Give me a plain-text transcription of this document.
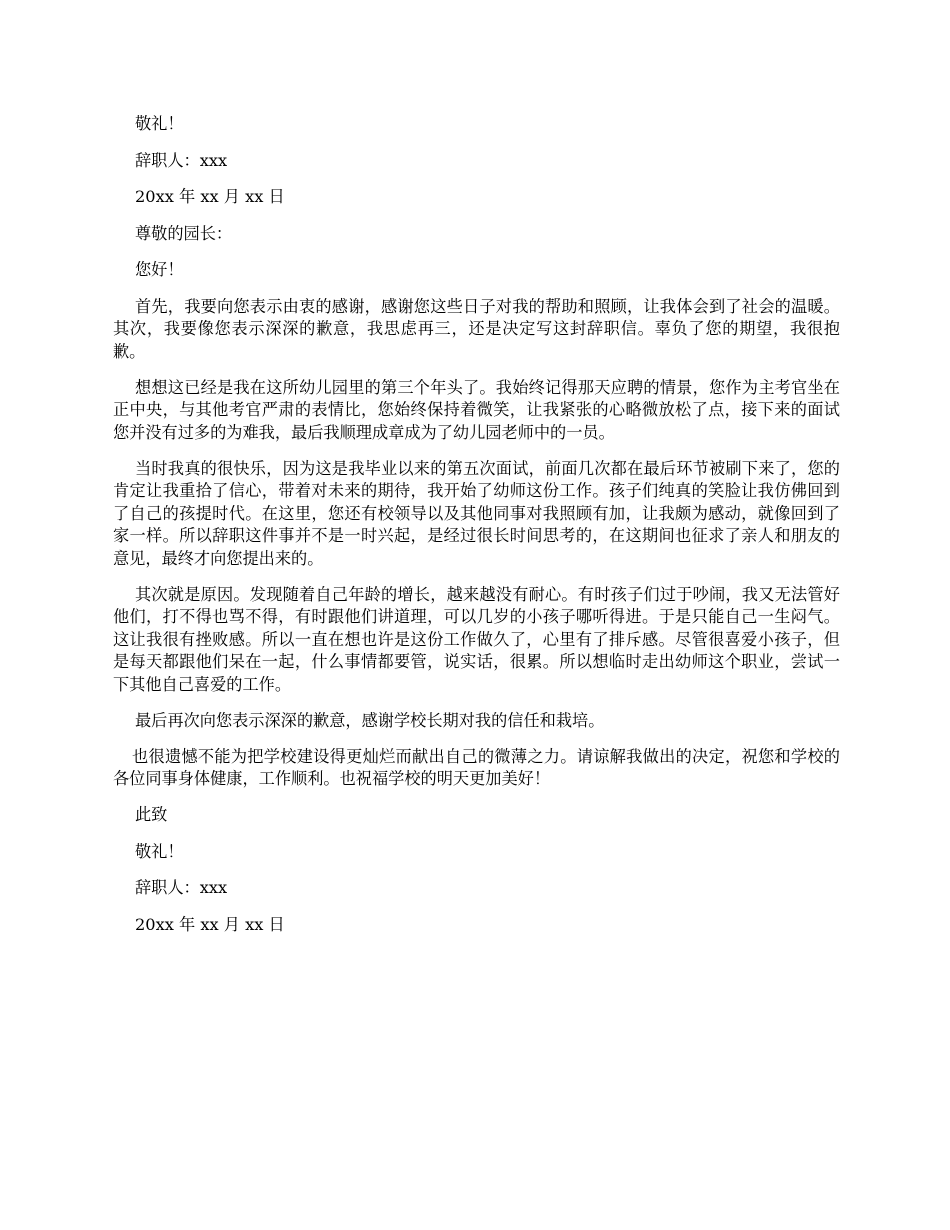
敬礼！

辞职人：xxx

20xx 年 xx 月 xx 日

尊敬的园长：

您好！

首先，我要向您表示由衷的感谢，感谢您这些日子对我的帮助和照顾，让我体会到了社会的温暖。其次，我要像您表示深深的歉意，我思虑再三，还是决定写这封辞职信。辜负了您的期望，我很抱歉。

想想这已经是我在这所幼儿园里的第三个年头了。我始终记得那天应聘的情景，您作为主考官坐在正中央，与其他考官严肃的表情比，您始终保持着微笑，让我紧张的心略微放松了点，接下来的面试您并没有过多的为难我，最后我顺理成章成为了幼儿园老师中的一员。

当时我真的很快乐，因为这是我毕业以来的第五次面试，前面几次都在最后环节被刷下来了，您的肯定让我重拾了信心，带着对未来的期待，我开始了幼师这份工作。孩子们纯真的笑脸让我仿佛回到了自己的孩提时代。在这里，您还有校领导以及其他同事对我照顾有加，让我颇为感动，就像回到了家一样。所以辞职这件事并不是一时兴起，是经过很长时间思考的，在这期间也征求了亲人和朋友的意见，最终才向您提出来的。

其次就是原因。发现随着自己年龄的增长，越来越没有耐心。有时孩子们过于吵闹，我又无法管好他们，打不得也骂不得，有时跟他们讲道理，可以几岁的小孩子哪听得进。于是只能自己一生闷气。这让我很有挫败感。所以一直在想也许是这份工作做久了，心里有了排斥感。尽管很喜爱小孩子，但是每天都跟他们呆在一起，什么事情都要管，说实话，很累。所以想临时走出幼师这个职业，尝试一下其他自己喜爱的工作。

最后再次向您表示深深的歉意，感谢学校长期对我的信任和栽培。

也很遗憾不能为把学校建设得更灿烂而献出自己的微薄之力。请谅解我做出的决定，祝您和学校的各位同事身体健康，工作顺利。也祝福学校的明天更加美好！

此致

敬礼！

辞职人：xxx

20xx 年 xx 月 xx 日
